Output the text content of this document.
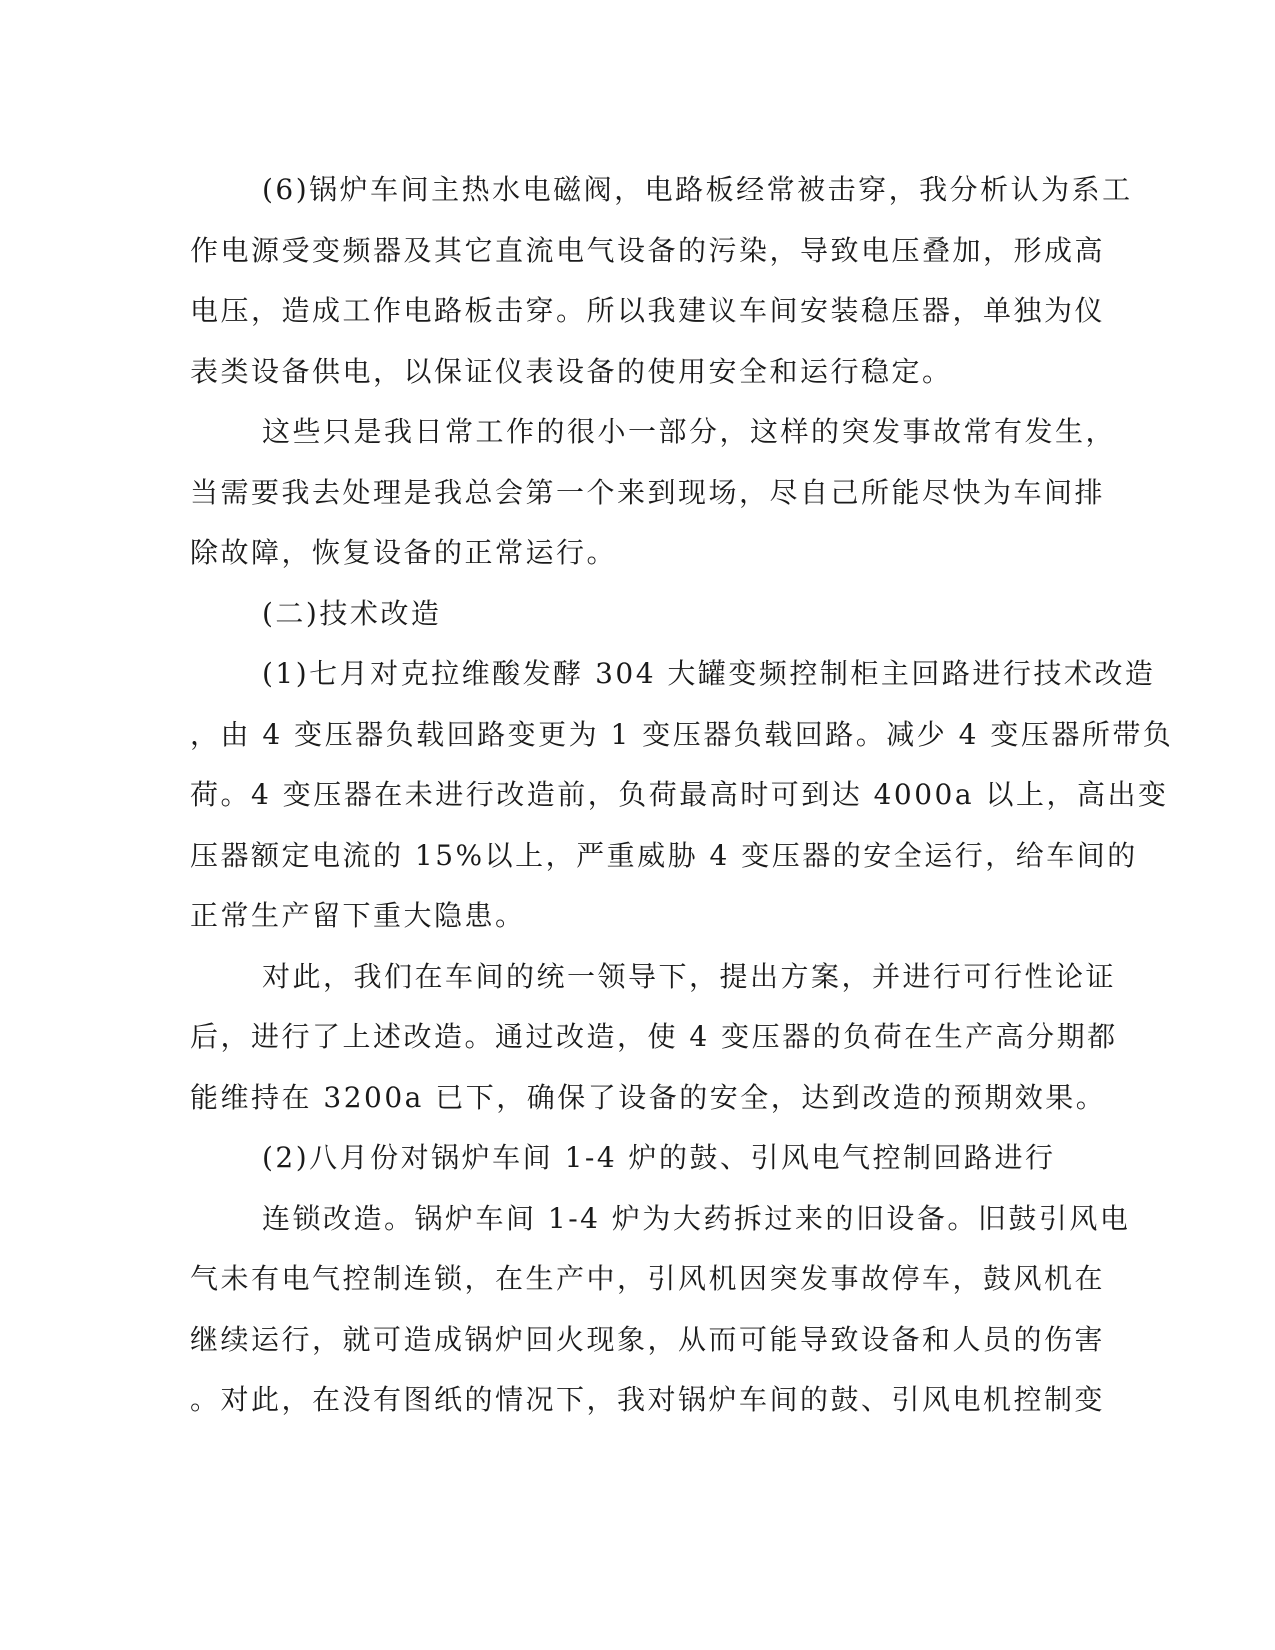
(6)锅炉车间主热水电磁阀，电路板经常被击穿，我分析认为系工
作电源受变频器及其它直流电气设备的污染，导致电压叠加，形成高
电压，造成工作电路板击穿。所以我建议车间安装稳压器，单独为仪
表类设备供电，以保证仪表设备的使用安全和运行稳定。
这些只是我日常工作的很小一部分，这样的突发事故常有发生，
当需要我去处理是我总会第一个来到现场，尽自己所能尽快为车间排
除故障，恢复设备的正常运行。
(二)技术改造
(1)七月对克拉维酸发酵 304 大罐变频控制柜主回路进行技术改造
，由 4 变压器负载回路变更为 1 变压器负载回路。减少 4 变压器所带负
荷。4 变压器在未进行改造前，负荷最高时可到达 4000a 以上，高出变
压器额定电流的 15%以上，严重威胁 4 变压器的安全运行，给车间的
正常生产留下重大隐患。
对此，我们在车间的统一领导下，提出方案，并进行可行性论证
后，进行了上述改造。通过改造，使 4 变压器的负荷在生产高分期都
能维持在 3200a 已下，确保了设备的安全，达到改造的预期效果。
(2)八月份对锅炉车间 1-4 炉的鼓、引风电气控制回路进行
连锁改造。锅炉车间 1-4 炉为大药拆过来的旧设备。旧鼓引风电
气未有电气控制连锁，在生产中，引风机因突发事故停车，鼓风机在
继续运行，就可造成锅炉回火现象，从而可能导致设备和人员的伤害
。对此，在没有图纸的情况下，我对锅炉车间的鼓、引风电机控制变
